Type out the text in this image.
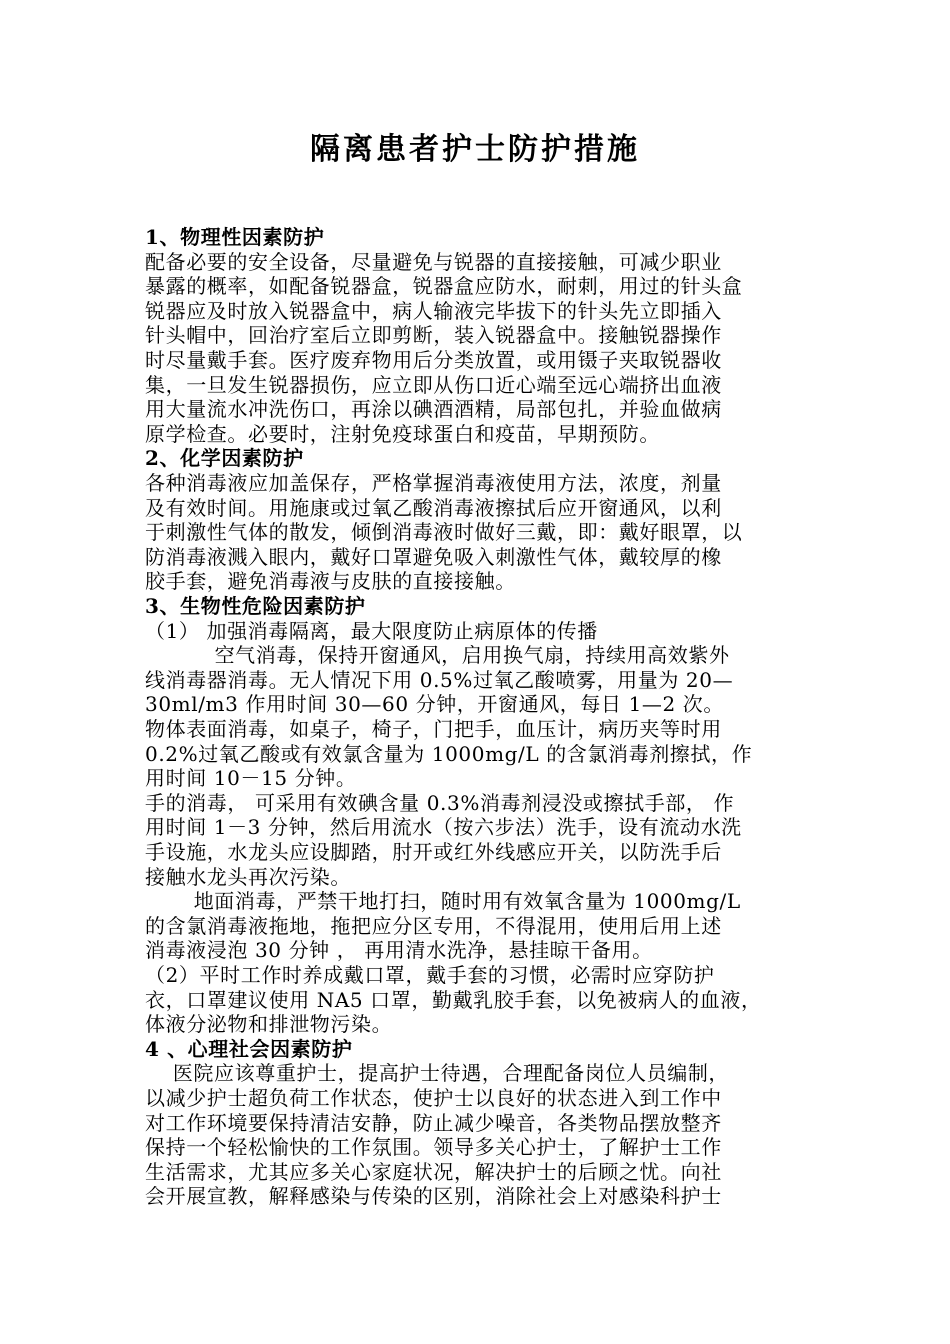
隔离患者护士防护措施
1、物理性因素防护
配备必要的安全设备，尽量避免与锐器的直接接触，可减少职业
暴露的概率，如配备锐器盒，锐器盒应防水，耐刺，用过的针头盒
锐器应及时放入锐器盒中，病人输液完毕拔下的针头先立即插入
针头帽中，回治疗室后立即剪断，装入锐器盒中。接触锐器操作
时尽量戴手套。医疗废弃物用后分类放置，或用镊子夹取锐器收
集，一旦发生锐器损伤，应立即从伤口近心端至远心端挤出血液
用大量流水冲洗伤口，再涂以碘酒酒精，局部包扎，并验血做病
原学检查。必要时，注射免疫球蛋白和疫苗，早期预防。
2、化学因素防护
各种消毒液应加盖保存，严格掌握消毒液使用方法，浓度，剂量
及有效时间。用施康或过氧乙酸消毒液擦拭后应开窗通风，以利
于刺激性气体的散发，倾倒消毒液时做好三戴，即：戴好眼罩，以
防消毒液溅入眼内，戴好口罩避免吸入刺激性气体，戴较厚的橡
胶手套，避免消毒液与皮肤的直接接触。
3、生物性危险因素防护
（1） 加强消毒隔离，最大限度防止病原体的传播
空气消毒，保持开窗通风，启用换气扇，持续用高效紫外
线消毒器消毒。无人情况下用 0.5%过氧乙酸喷雾，用量为 20—
30ml/m3 作用时间 30—60 分钟，开窗通风，每日 1—2 次。
物体表面消毒，如桌子，椅子，门把手，血压计，病历夹等时用
0.2%过氧乙酸或有效氯含量为 1000mg/L 的含氯消毒剂擦拭，作
用时间 10－15 分钟。
手的消毒， 可采用有效碘含量 0.3%消毒剂浸没或擦拭手部， 作
用时间 1－3 分钟，然后用流水（按六步法）洗手，设有流动水洗
手设施，水龙头应设脚踏，肘开或红外线感应开关，以防洗手后
接触水龙头再次污染。
地面消毒，严禁干地打扫，随时用有效氧含量为 1000mg/L
的含氯消毒液拖地，拖把应分区专用，不得混用，使用后用上述
消毒液浸泡 30 分钟 ， 再用清水洗净，悬挂晾干备用。
（2）平时工作时养成戴口罩，戴手套的习惯，必需时应穿防护
衣，口罩建议使用 NA5 口罩，勤戴乳胶手套，以免被病人的血液，
体液分泌物和排泄物污染。
4 、心理社会因素防护
医院应该尊重护士，提高护士待遇，合理配备岗位人员编制，
以减少护士超负荷工作状态，使护士以良好的状态进入到工作中
对工作环境要保持清洁安静，防止减少噪音，各类物品摆放整齐
保持一个轻松愉快的工作氛围。领导多关心护士，了解护士工作
生活需求，尤其应多关心家庭状况，解决护士的后顾之忧。向社
会开展宣教，解释感染与传染的区别，消除社会上对感染科护士
